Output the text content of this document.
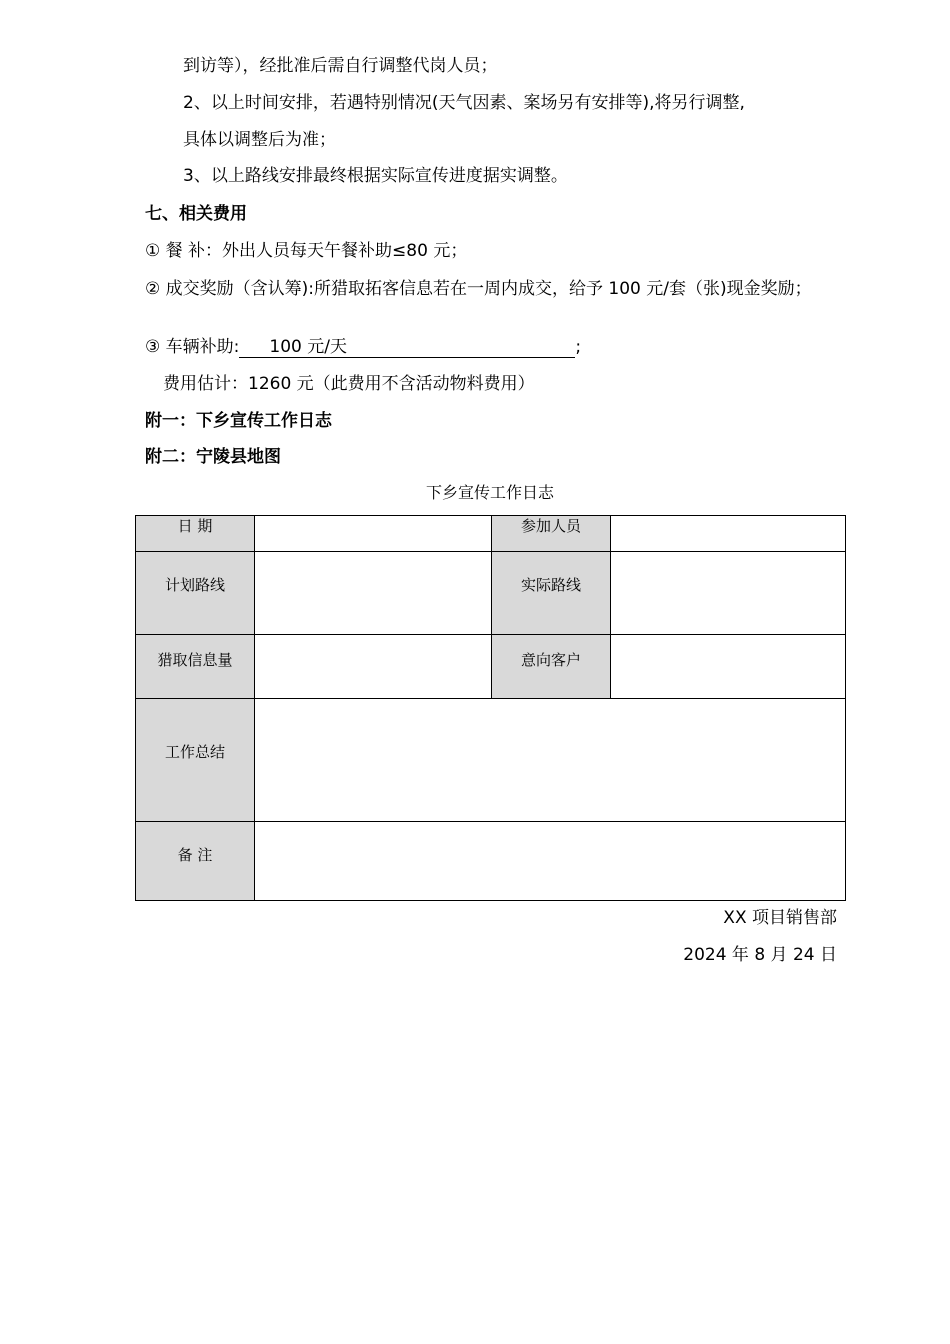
到访等），经批准后需自行调整代岗人员；
2、以上时间安排，若遇特别情况(天气因素、案场另有安排等),将另行调整,
具体以调整后为准；
3、以上路线安排最终根据实际宣传进度据实调整。
七、相关费用
① 餐 补：外出人员每天午餐补助≤80 元；
② 成交奖励（含认筹):所猎取拓客信息若在一周内成交，给予 100 元/套（张)现金奖励；
③ 车辆补助: 100 元/天	;
费用估计：1260 元（此费用不含活动物料费用）
附一：下乡宣传工作日志
附二：宁陵县地图
下乡宣传工作日志
日 期		参加人员	

计划路线		实际路线	

猎取信息量		意向客户	

工作总结			

备 注			

XX 项目销售部
2024 年 8 月 24 日
